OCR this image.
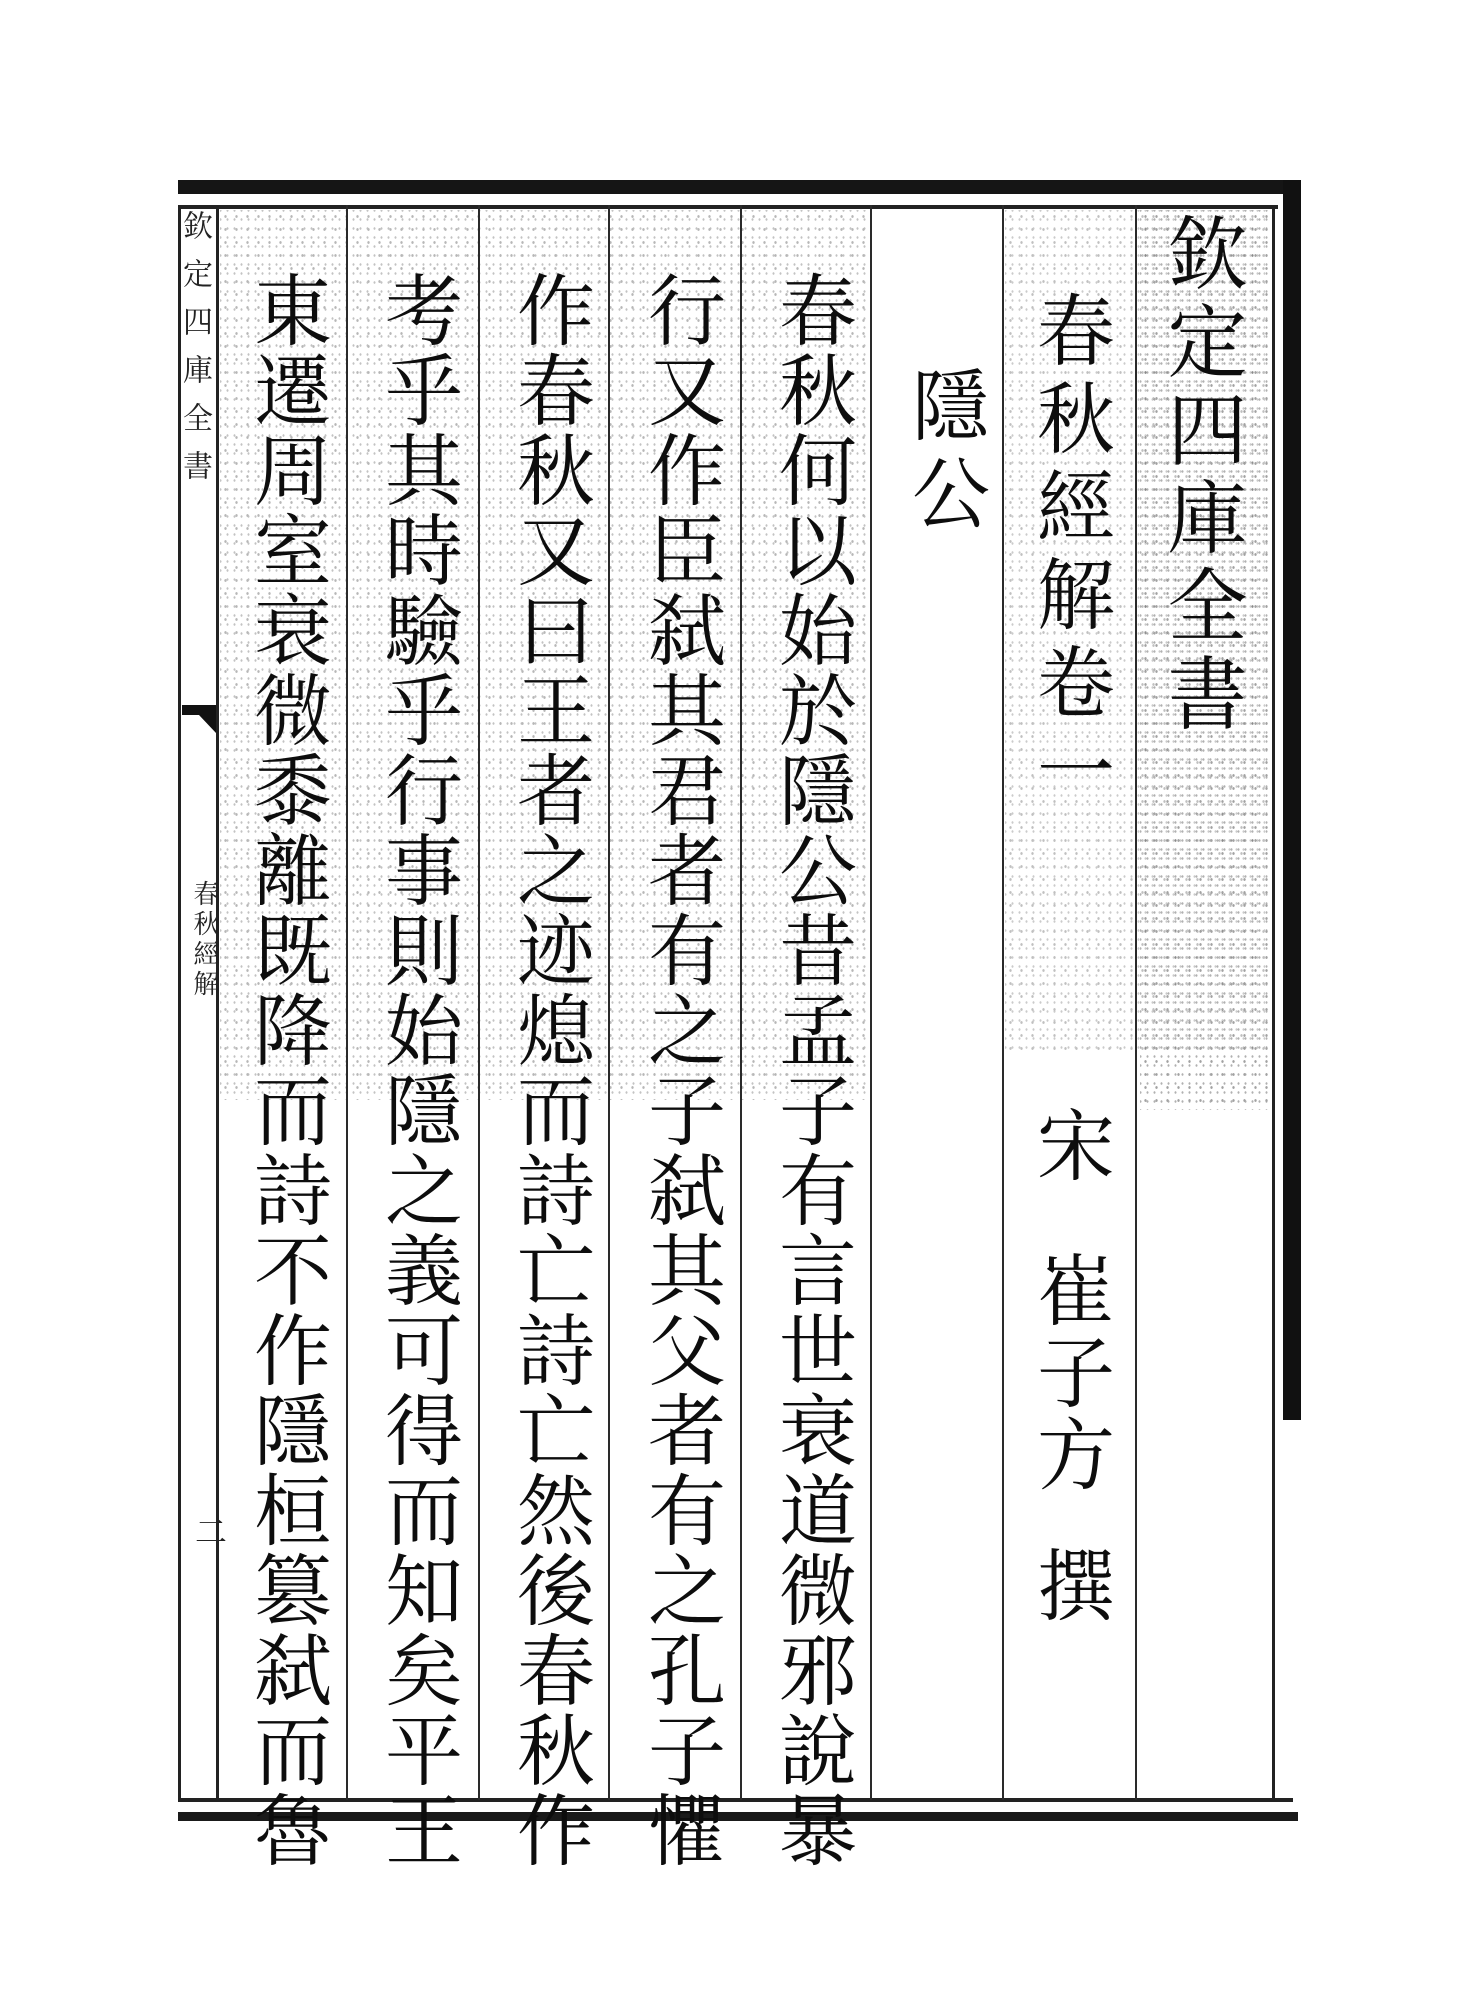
欽定四庫全書
春秋經解卷一
宋
崔子方
撰
隱公
春秋何以始於隱公昔孟子有言世衰道微邪說暴
行又作臣弑其君者有之子弑其父者有之孔子懼
作春秋又曰王者之迹熄而詩亡詩亡然後春秋作
考乎其時驗乎行事則始隱之義可得而知矣平王
東遷周室衰微黍離既降而詩不作隱桓篡弑而魯
欽定四庫全書
春秋經解
二
